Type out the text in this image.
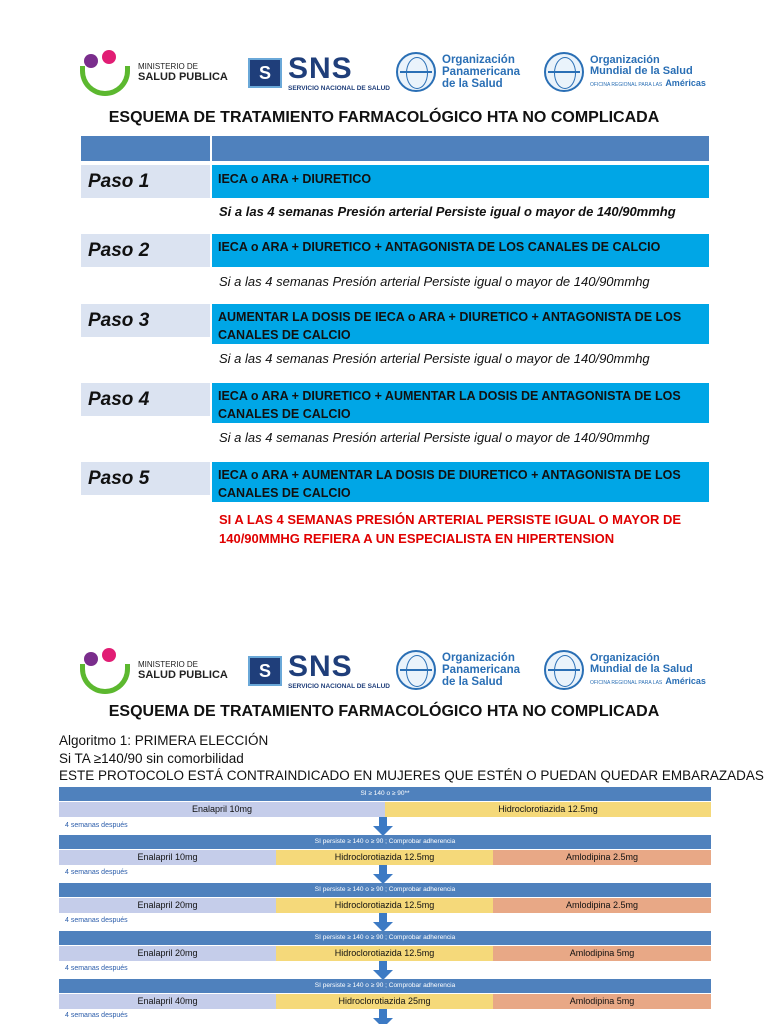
MINISTERIO DE
SALUD PUBLICA	S SNS
SERVICIO NACIONAL DE SALUD
Organización
Panamericana
de la Salud
Organización
Mundial de la Salud
OFICINA REGIONAL PARA LAS Américas
ESQUEMA DE TRATAMIENTO FARMACOLÓGICO HTA NO COMPLICADA
Paso 1	IECA o ARA + DIURETICO
Si a las 4 semanas Presión arterial Persiste igual o mayor de 140/90mmhg
Paso 2	IECA o ARA + DIURETICO + ANTAGONISTA DE LOS CANALES DE CALCIO
Si a las 4 semanas Presión arterial Persiste igual o mayor de 140/90mmhg
Paso 3	AUMENTAR LA DOSIS DE IECA o ARA + DIURETICO + ANTAGONISTA DE LOS CANALES DE CALCIO
Si a las 4 semanas Presión arterial Persiste igual o mayor de 140/90mmhg
Paso 4	IECA o ARA + DIURETICO + AUMENTAR LA DOSIS DE ANTAGONISTA DE LOS CANALES DE CALCIO
Si a las 4 semanas Presión arterial Persiste igual o mayor de 140/90mmhg
Paso 5	IECA o ARA + AUMENTAR LA DOSIS DE DIURETICO + ANTAGONISTA DE LOS CANALES DE CALCIO
SI A LAS 4 SEMANAS PRESIÓN ARTERIAL PERSISTE IGUAL O MAYOR DE 140/90MMHG REFIERA A UN ESPECIALISTA EN HIPERTENSION
MINISTERIO DE
SALUD PUBLICA	S SNS
SERVICIO NACIONAL DE SALUD
Organización
Panamericana
de la Salud
Organización
Mundial de la Salud
OFICINA REGIONAL PARA LAS Américas
ESQUEMA DE TRATAMIENTO FARMACOLÓGICO HTA NO COMPLICADA
Algoritmo 1: PRIMERA ELECCIÓN
Si TA ≥140/90 sin comorbilidad
ESTE PROTOCOLO ESTÁ CONTRAINDICADO EN MUJERES QUE ESTÉN O PUEDAN QUEDAR EMBARAZADAS
SI ≥ 140 o ≥ 90**
Enalapril 10mg	Hidroclorotiazida 12.5mg
4 semanas después
SI persiste ≥ 140 o ≥ 90 ; Comprobar adherencia
Enalapril 10mg	Hidroclorotiazida 12.5mg	Amlodipina 2.5mg
4 semanas después
SI persiste ≥ 140 o ≥ 90 ; Comprobar adherencia
Enalapril 20mg	Hidroclorotiazida 12.5mg	Amlodipina 2.5mg
4 semanas después
SI persiste ≥ 140 o ≥ 90 ; Comprobar adherencia
Enalapril 20mg	Hidroclorotiazida 12.5mg	Amlodipina 5mg
4 semanas después
SI persiste ≥ 140 o ≥ 90 ; Comprobar adherencia
Enalapril 40mg	Hidroclorotiazida 25mg	Amlodipina 5mg
4 semanas después
